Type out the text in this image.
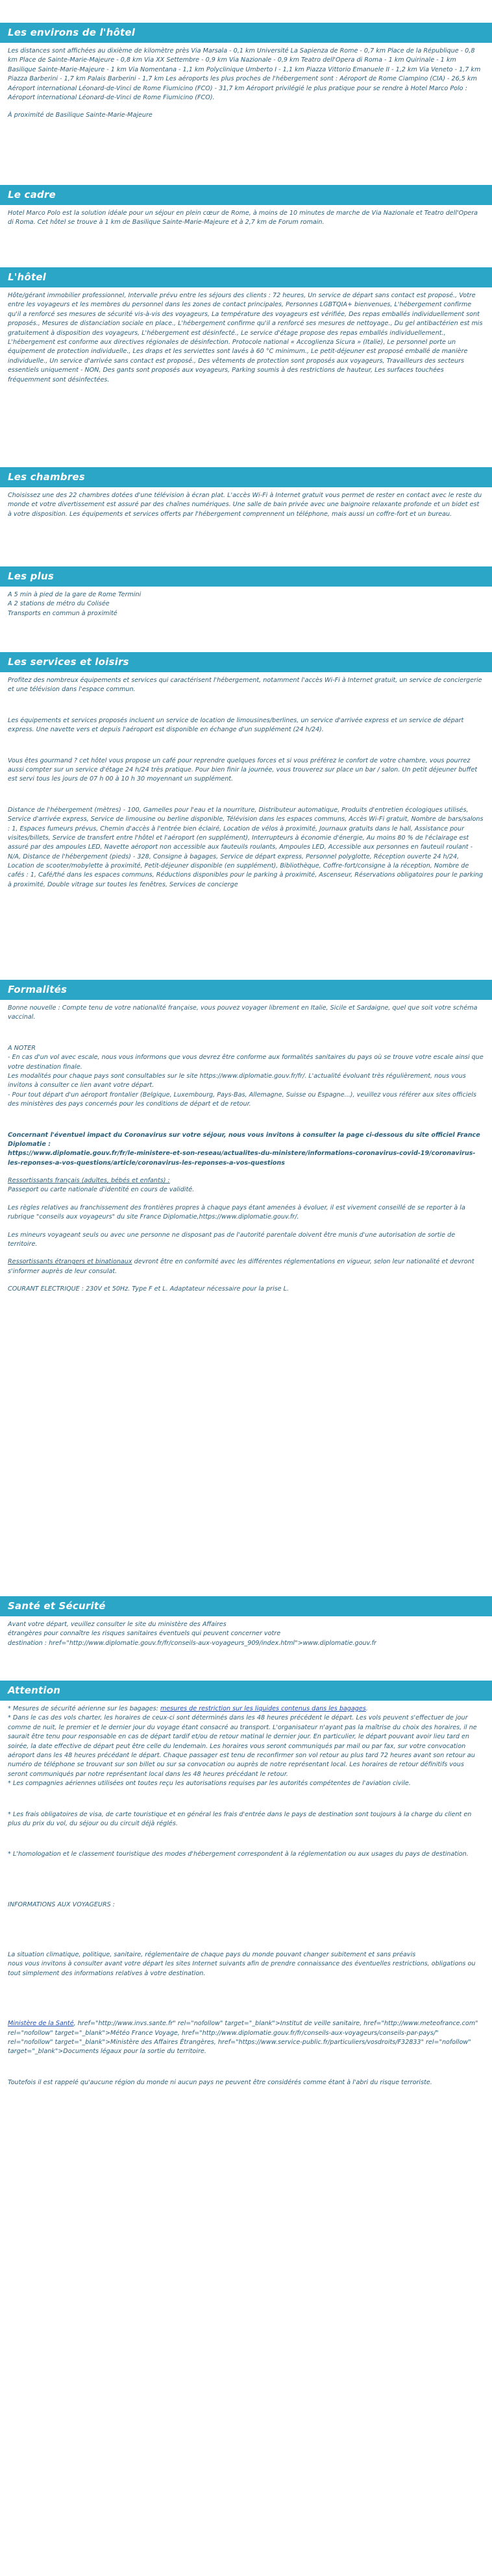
Les environs de l'hôtel

Les distances sont affichées au dixième de kilomètre près Via Marsala - 0,1 km Université La Sapienza de Rome - 0,7 km Place de la République - 0,8 km Place de Sainte-Marie-Majeure - 0,8 km Via XX Settembre - 0,9 km Via Nazionale - 0,9 km Teatro dell'Opera di Roma - 1 km Quirinale - 1 km Basilique Sainte-Marie-Majeure - 1 km Via Nomentana - 1,1 km Polyclinique Umberto I - 1,1 km Piazza Vittorio Emanuele II - 1,2 km Via Veneto - 1,7 km Piazza Barberini - 1,7 km Palais Barberini - 1,7 km Les aéroports les plus proches de l'hébergement sont : Aéroport de Rome Ciampino (CIA) - 26,5 km Aéroport international Léonard-de-Vinci de Rome Fiumicino (FCO) - 31,7 km Aéroport privilégié le plus pratique pour se rendre à Hotel Marco Polo : Aéroport international Léonard-de-Vinci de Rome Fiumicino (FCO).

À proximité de Basilique Sainte-Marie-Majeure

Le cadre

Hotel Marco Polo est la solution idéale pour un séjour en plein cœur de Rome, à moins de 10 minutes de marche de Via Nazionale et Teatro dell'Opera di Roma. Cet hôtel se trouve à 1 km de Basilique Sainte-Marie-Majeure et à 2,7 km de Forum romain.

L'hôtel

Hôte/gérant immobilier professionnel, Intervalle prévu entre les séjours des clients : 72 heures, Un service de départ sans contact est proposé., Votre entre les voyageurs et les membres du personnel dans les zones de contact principales, Personnes LGBTQIA+ bienvenues, L'hébergement confirme qu'il a renforcé ses mesures de sécurité vis-à-vis des voyageurs, La température des voyageurs est vérifiée, Des repas emballés individuellement sont proposés., Mesures de distanciation sociale en place., L'hébergement confirme qu'il a renforcé ses mesures de nettoyage., Du gel antibactérien est mis gratuitement à disposition des voyageurs, L'hébergement est désinfecté., Le service d'étage propose des repas emballés individuellement., L'hébergement est conforme aux directives régionales de désinfection. Protocole national « Accoglienza Sicura » (Italie), Le personnel porte un équipement de protection individuelle., Les draps et les serviettes sont lavés à 60 °C minimum., Le petit-déjeuner est proposé emballé de manière individuelle., Un service d'arrivée sans contact est proposé., Des vêtements de protection sont proposés aux voyageurs, Travailleurs des secteurs essentiels uniquement - NON, Des gants sont proposés aux voyageurs, Parking soumis à des restrictions de hauteur, Les surfaces touchées fréquemment sont désinfectées.

Les chambres

Choisissez une des 22 chambres dotées d'une télévision à écran plat. L'accès Wi-Fi à Internet gratuit vous permet de rester en contact avec le reste du monde et votre divertissement est assuré par des chaînes numériques. Une salle de bain privée avec une baignoire relaxante profonde et un bidet est à votre disposition. Les équipements et services offerts par l'hébergement comprennent un téléphone, mais aussi un coffre-fort et un bureau.

Les plus

A 5 min à pied de la gare de Rome Termini
A 2 stations de métro du Colisée
Transports en commun à proximité

Les services et loisirs

Profitez des nombreux équipements et services qui caractérisent l'hébergement, notamment l'accès Wi-Fi à Internet gratuit, un service de conciergerie et une télévision dans l'espace commun.

Les équipements et services proposés incluent un service de location de limousines/berlines, un service d'arrivée express et un service de départ express. Une navette vers et depuis l'aéroport est disponible en échange d'un supplément (24 h/24).

Vous êtes gourmand ? cet hôtel vous propose un café pour reprendre quelques forces et si vous préférez le confort de votre chambre, vous pourrez aussi compter sur un service d'étage 24 h/24 très pratique. Pour bien finir la journée, vous trouverez sur place un bar / salon. Un petit déjeuner buffet est servi tous les jours de 07 h 00 à 10 h 30 moyennant un supplément.

Distance de l'hébergement (mètres) - 100, Gamelles pour l'eau et la nourriture, Distributeur automatique, Produits d'entretien écologiques utilisés, Service d'arrivée express, Service de limousine ou berline disponible, Télévision dans les espaces communs, Accès Wi-Fi gratuit, Nombre de bars/salons : 1, Espaces fumeurs prévus, Chemin d'accès à l'entrée bien éclairé, Location de vélos à proximité, Journaux gratuits dans le hall, Assistance pour visites/billets, Service de transfert entre l'hôtel et l'aéroport (en supplément), Interrupteurs à économie d'énergie, Au moins 80 % de l'éclairage est assuré par des ampoules LED, Navette aéroport non accessible aux fauteuils roulants, Ampoules LED, Accessible aux personnes en fauteuil roulant - N/A, Distance de l'hébergement (pieds) - 328, Consigne à bagages, Service de départ express, Personnel polyglotte, Réception ouverte 24 h/24, Location de scooter/mobylette à proximité, Petit-déjeuner disponible (en supplément), Bibliothèque, Coffre-fort/consigne à la réception, Nombre de cafés : 1, Café/thé dans les espaces communs, Réductions disponibles pour le parking à proximité, Ascenseur, Réservations obligatoires pour le parking à proximité, Double vitrage sur toutes les fenêtres, Services de concierge

Formalités

Bonne nouvelle : Compte tenu de votre nationalité française, vous pouvez voyager librement en Italie, Sicile et Sardaigne, quel que soit votre schéma vaccinal.

A NOTER
- En cas d'un vol avec escale, nous vous informons que vous devrez être conforme aux formalités sanitaires du pays où se trouve votre escale ainsi que votre destination finale.
Les modalités pour chaque pays sont consultables sur le site https://www.diplomatie.gouv.fr/fr/. L'actualité évoluant très régulièrement, nous vous invitons à consulter ce lien avant votre départ.
- Pour tout départ d'un aéroport frontalier (Belgique, Luxembourg, Pays-Bas, Allemagne, Suisse ou Espagne...), veuillez vous référer aux sites officiels des ministères des pays concernés pour les conditions de départ et de retour.

Concernant l'éventuel impact du Coronavirus sur votre séjour, nous vous invitons à consulter la page ci-dessous du site officiel France Diplomatie :
https://www.diplomatie.gouv.fr/fr/le-ministere-et-son-reseau/actualites-du-ministere/informations-coronavirus-covid-19/coronavirus-les-reponses-a-vos-questions/article/coronavirus-les-reponses-a-vos-questions

Ressortissants français (adultes, bébés et enfants) :
Passeport ou carte nationale d'identité en cours de validité.

Les règles relatives au franchissement des frontières propres à chaque pays étant amenées à évoluer, il est vivement conseillé de se reporter à la rubrique "conseils aux voyageurs" du site France Diplomatie,https://www.diplomatie.gouv.fr/.

Les mineurs voyageant seuls ou avec une personne ne disposant pas de l'autorité parentale doivent être munis d'une autorisation de sortie de territoire.

Ressortissants étrangers et binationaux devront être en conformité avec les différentes réglementations en vigueur, selon leur nationalité et devront s'informer auprès de leur consulat.

COURANT ELECTRIQUE : 230V et 50Hz. Type F et L. Adaptateur nécessaire pour la prise L.

Santé et Sécurité

Avant votre départ, veuillez consulter le site du ministère des Affaires
étrangères pour connaître les risques sanitaires éventuels qui peuvent concerner votre
destination : href="http://www.diplomatie.gouv.fr/fr/conseils-aux-voyageurs_909/index.html">www.diplomatie.gouv.fr

Attention

* Mesures de sécurité aérienne sur les bagages: mesures de restriction sur les liquides contenus dans les bagages.
* Dans le cas des vols charter, les horaires de ceux-ci sont déterminés dans les 48 heures précédent le départ. Les vols peuvent s'effectuer de jour comme de nuit, le premier et le dernier jour du voyage étant consacré au transport. L'organisateur n'ayant pas la maîtrise du choix des horaires, il ne saurait être tenu pour responsable en cas de départ tardif et/ou de retour matinal le dernier jour. En particulier, le départ pouvant avoir lieu tard en soirée, la date effective de départ peut être celle du lendemain. Les horaires vous seront communiqués par mail ou par fax, sur votre convocation aéroport dans les 48 heures précédant le départ. Chaque passager est tenu de reconfirmer son vol retour au plus tard 72 heures avant son retour au numéro de téléphone se trouvant sur son billet ou sur sa convocation ou auprès de notre représentant local. Les horaires de retour définitifs vous seront communiqués par notre représentant local dans les 48 heures précédant le retour.
* Les compagnies aériennes utilisées ont toutes reçu les autorisations requises par les autorités compétentes de l'aviation civile.

* Les frais obligatoires de visa, de carte touristique et en général les frais d'entrée dans le pays de destination sont toujours à la charge du client en plus du prix du vol, du séjour ou du circuit déjà réglés.

* L'homologation et le classement touristique des modes d'hébergement correspondent à la réglementation ou aux usages du pays de destination.

INFORMATIONS AUX VOYAGEURS :

La situation climatique, politique, sanitaire, réglementaire de chaque pays du monde pouvant changer subitement et sans préavis
nous vous invitons à consulter avant votre départ les sites Internet suivants afin de prendre connaissance des éventuelles restrictions, obligations ou tout simplement des informations relatives à votre destination.

Ministère de la Santé, href="http://www.invs.sante.fr" rel="nofollow" target="_blank">Institut de veille sanitaire, href="http://www.meteofrance.com" rel="nofollow" target="_blank">Météo France Voyage, href="http://www.diplomatie.gouv.fr/fr/conseils-aux-voyageurs/conseils-par-pays/" rel="nofollow" target="_blank">Ministère des Affaires Étrangères, href="https://www.service-public.fr/particuliers/vosdroits/F32833" rel="nofollow" target="_blank">Documents légaux pour la sortie du territoire.

Toutefois il est rappelé qu'aucune région du monde ni aucun pays ne peuvent être considérés comme étant à l'abri du risque terroriste.
